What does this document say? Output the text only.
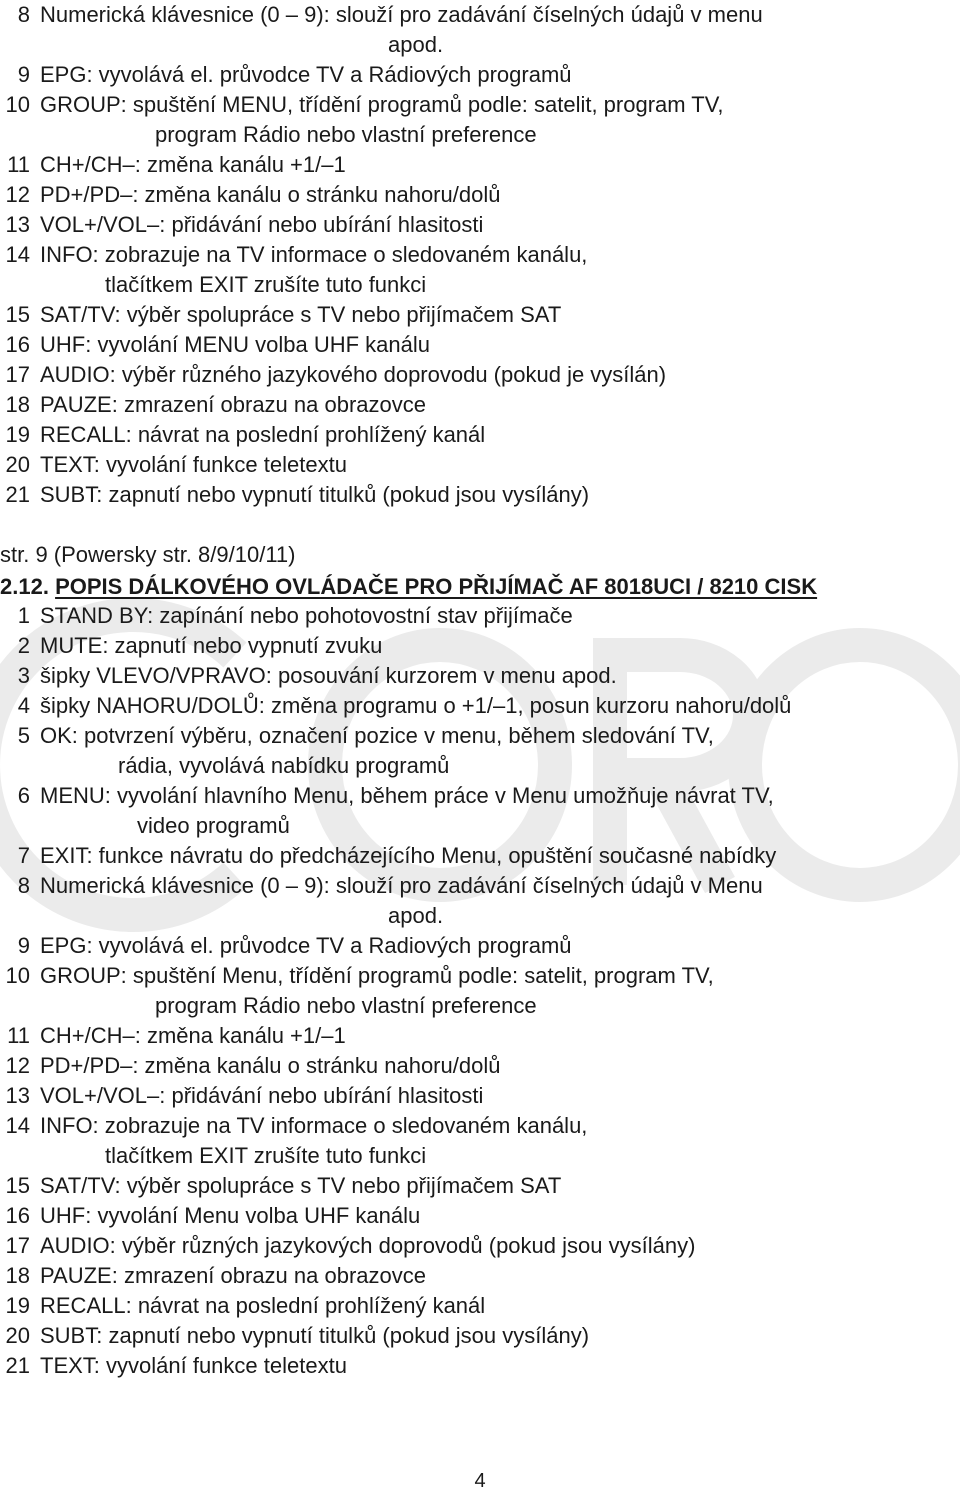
8 Numerická klávesnice (0 – 9): slouží pro zadávání číselných údajů v menu
apod.
9 EPG: vyvolává el. průvodce TV a Rádiových programů
10 GROUP: spuštění MENU, třídění programů podle: satelit, program TV,
program Rádio nebo vlastní preference
11 CH+/CH–: změna kanálu +1/–1
12 PD+/PD–: změna kanálu o stránku nahoru/dolů
13 VOL+/VOL–: přidávání nebo ubírání hlasitosti
14 INFO: zobrazuje na TV informace o sledovaném kanálu,
tlačítkem EXIT zrušíte tuto funkci
15 SAT/TV: výběr spolupráce s TV nebo přijímačem SAT
16 UHF: vyvolání MENU volba UHF kanálu
17 AUDIO: výběr různého jazykového doprovodu (pokud je vysílán)
18 PAUZE: zmrazení obrazu na obrazovce
19 RECALL: návrat na poslední prohlížený kanál
20 TEXT: vyvolání funkce teletextu
21 SUBT: zapnutí nebo vypnutí titulků (pokud jsou vysílány)
str. 9 (Powersky str. 8/9/10/11)
2.12. POPIS DÁLKOVÉHO OVLÁDAČE PRO PŘIJÍMAČ AF 8018UCI / 8210 CISK
1 STAND BY: zapínání nebo pohotovostní stav přijímače
2 MUTE: zapnutí nebo vypnutí zvuku
3 šipky VLEVO/VPRAVO: posouvání kurzorem v menu apod.
4 šipky NAHORU/DOLŮ: změna programu o +1/–1, posun kurzoru nahoru/dolů
5 OK: potvrzení výběru, označení pozice v menu, během sledování TV,
rádia, vyvolává nabídku programů
6 MENU: vyvolání hlavního Menu, během práce v Menu umožňuje návrat TV,
video programů
7 EXIT: funkce návratu do předcházejícího Menu, opuštění současné nabídky
8 Numerická klávesnice (0 – 9): slouží pro zadávání číselných údajů v Menu
apod.
9 EPG: vyvolává el. průvodce TV a Radiových programů
10 GROUP: spuštění Menu, třídění programů podle: satelit, program TV,
program Rádio nebo vlastní preference
11 CH+/CH–: změna kanálu +1/–1
12 PD+/PD–: změna kanálu o stránku nahoru/dolů
13 VOL+/VOL–: přidávání nebo ubírání hlasitosti
14 INFO: zobrazuje na TV informace o sledovaném kanálu,
tlačítkem EXIT zrušíte tuto funkci
15 SAT/TV: výběr spolupráce s TV nebo přijímačem SAT
16 UHF: vyvolání Menu volba UHF kanálu
17 AUDIO: výběr různých jazykových doprovodů (pokud jsou vysílány)
18 PAUZE: zmrazení obrazu na obrazovce
19 RECALL: návrat na poslední prohlížený kanál
20 SUBT: zapnutí nebo vypnutí titulků (pokud jsou vysílány)
21 TEXT: vyvolání funkce teletextu
4
